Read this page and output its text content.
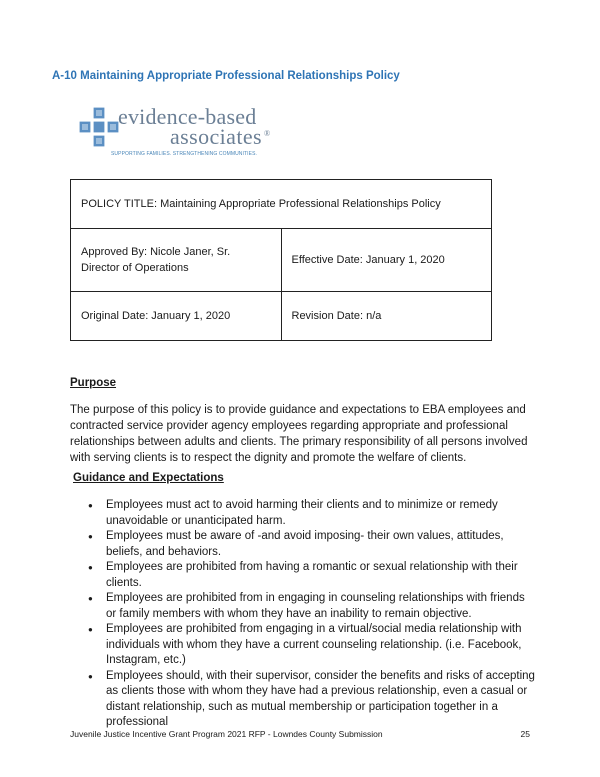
A-10 Maintaining Appropriate Professional Relationships Policy
evidence-based
associates ®
SUPPORTING FAMILIES. STRENGTHENING COMMUNITIES.
POLICY TITLE: Maintaining Appropriate Professional Relationships Policy	
Approved By: Nicole Janer, Sr. Director of Operations	Effective Date: January 1, 2020
Original Date: January 1, 2020	Revision Date: n/a
Purpose

The purpose of this policy is to provide guidance and expectations to EBA employees and contracted service provider agency employees regarding appropriate and professional relationships between adults and clients. The primary responsibility of all persons involved with serving clients is to respect the dignity and promote the welfare of clients.

Guidance and Expectations
● Employees must act to avoid harming their clients and to minimize or remedy unavoidable or unanticipated harm.
● Employees must be aware of -and avoid imposing- their own values, attitudes, beliefs, and behaviors.
● Employees are prohibited from having a romantic or sexual relationship with their clients.
● Employees are prohibited from in engaging in counseling relationships with friends or family members with whom they have an inability to remain objective.
● Employees are prohibited from engaging in a virtual/social media relationship with individuals with whom they have a current counseling relationship. (i.e. Facebook, Instagram, etc.)
● Employees should, with their supervisor, consider the benefits and risks of accepting as clients those with whom they have had a previous relationship, even a casual or distant relationship, such as mutual membership or participation together in a professional
Juvenile Justice Incentive Grant Program 2021 RFP - Lowndes County Submission	25
